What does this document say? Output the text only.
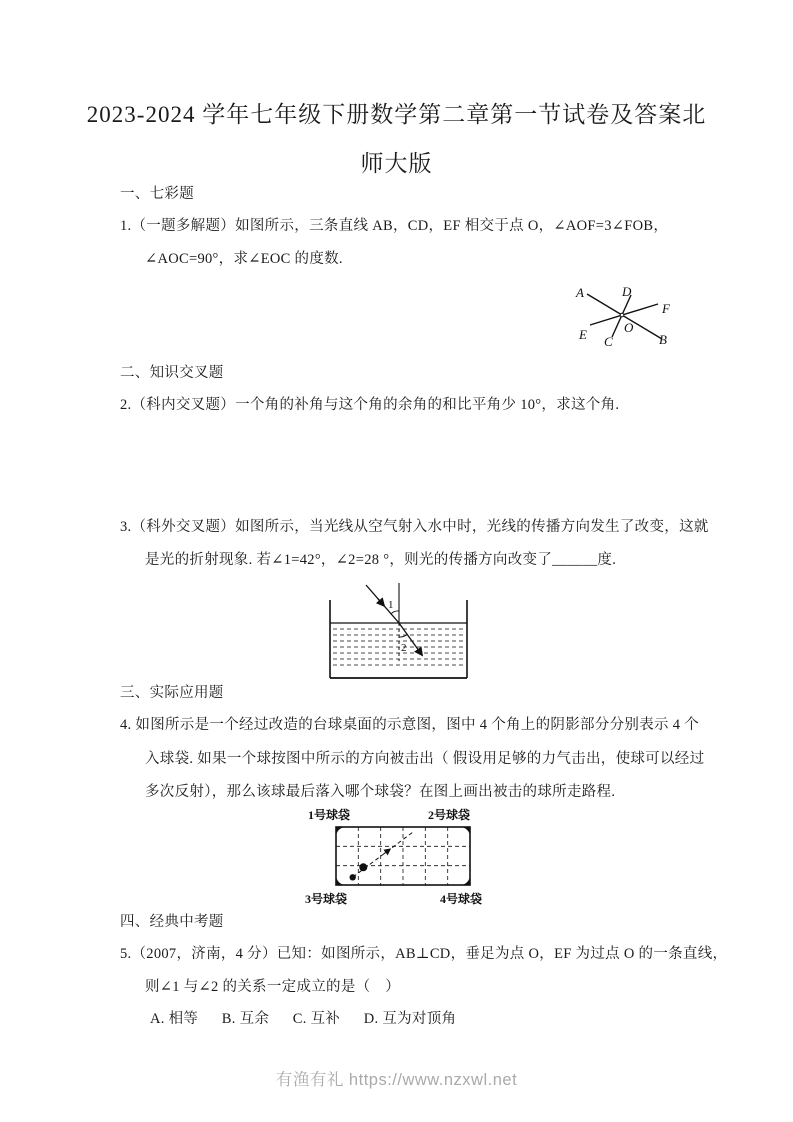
2023-2024 学年七年级下册数学第二章第一节试卷及答案北
师大版
一、七彩题
1.（一题多解题）如图所示，三条直线 AB，CD，EF 相交于点 O，∠AOF=3∠FOB，
∠AOC=90°，求∠EOC 的度数.
A	D
F
E	O
C	B
二、知识交叉题
2.（科内交叉题）一个角的补角与这个角的余角的和比平角少 10°，求这个角.
3.（科外交叉题）如图所示，当光线从空气射入水中时，光线的传播方向发生了改变，这就
是光的折射现象. 若∠1=42°，∠2=28 °，则光的传播方向改变了______度.
1
2
三、实际应用题
4. 如图所示是一个经过改造的台球桌面的示意图，图中 4 个角上的阴影部分分别表示 4 个
入球袋. 如果一个球按图中所示的方向被击出（ 假设用足够的力气击出，使球可以经过
多次反射），那么该球最后落入哪个球袋？在图上画出被击的球所走路程.
1号球袋	2号球袋
3号球袋	4号球袋
四、经典中考题
5.（2007，济南，4 分）已知：如图所示，AB⊥CD，垂足为点 O，EF 为过点 O 的一条直线，
则∠1 与∠2 的关系一定成立的是（　）
A. 相等      B. 互余      C. 互补      D. 互为对顶角
有渔有礼 https://www.nzxwl.net
